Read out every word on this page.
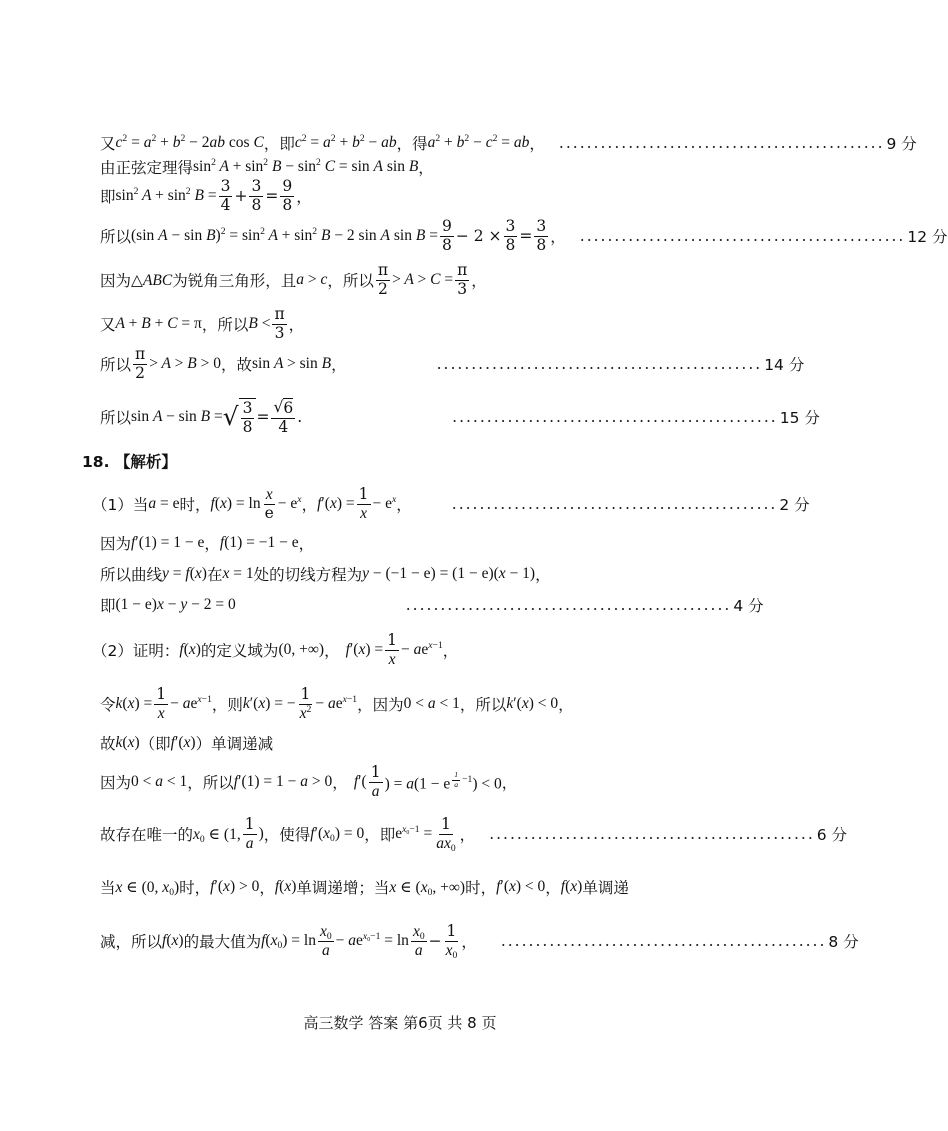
又 $c^2 = a^2 + b^2 - 2ab$ cos C ，即 $c^2 = a^2 + b^2$ − ab ，得 $a^2 + b^2 - c^2$ = ab ， ............................................... 9 分
由正弦定理得 $\sin^2 A + \sin^2 B - \sin^2 C = \sin A$ sin B ，
即 $\sin^2 A + \sin^2 B = \frac{3}{4} + \frac{3}{8} = \frac{9}{8}$ ，
所以 (sin $A - \sin B)^2 = \sin^2 A + \sin^2 B - 2$ sin A $\sin B = \frac{9}{8} - 2 \times \frac{3}{8} = \frac{3}{8}$ ， ............................................... 12 分
因为 △ABC 为锐角三角形，且 a > c ，所以 $\frac{\pi}{2} > A > C = \frac{\pi}{3}$ ，
又 A + B + C = π ，所以 $B < \frac{\pi}{3}$ ，
所以 $\frac{\pi}{2} > A > B > 0$ ，故 sin A > sin B ，	............................................... 14 分
所以 sin A − sin B = √ $\frac{3}{8} = \frac{√ 6}{4}$ .	............................................... 15 分
18. 【解析】
（1）当 a = e 时， $f(x) = \ln \frac{x}{e} - e^x$ ， $f'(x) = \frac{1}{x} - e^x$ ，	............................................... 2 分
因为 f′(1) = 1 − e ， f(1) = −1 − e ，
所以曲线 y = f(x) 在 x = 1 处的切线方程为 y − (−1 − e) = (1 − e)(x − 1) ，
即 (1 − e)x − y − 2 = 0	............................................... 4 分
（2）证明： f(x) 的定义域为 (0, +∞) ， $f'(x) = \frac{1}{x} - ae^{x-1}$ ，
令 $k(x) = \frac{1}{x} - ae^{x-1}$ ，则 k′(x) = − $\frac{1}{x^2} - ae^{x-1}$ ，因为 0 < a < 1 ，所以 k′(x) < 0 ，
故 k(x) （即 f′(x) ）单调递减
因为 0 < a < 1 ，所以 f′(1) = 1 − a > 0 ， $f'( \frac{1}{a}$ ) = a(1 − e $^{\frac{1}{a} -1}$) < 0 ，
故存在唯一的 $x_0$ ∈ (1, $\frac{1}{a}$ ) ，使得 $f'(x_0) = 0$ ，即 $e^{x_0-1} = \frac{1}{ax_0}$ ， ............................................... 6 分
当 x ∈ (0, $x_0$) 时， f′(x) > 0 ， f(x) 单调递增；当 x ∈ ($x_0$, +∞) 时， f′(x) < 0 ， f(x) 单调递
减，所以 f(x) 的最大值为 $f(x_0) = \ln \frac{x_0}{a} - ae^{x_0-1} = \ln \frac{x_0}{a} - \frac{1}{x_0}$ ， ............................................... 8 分
高三数学 答案 第6页 共 8 页
